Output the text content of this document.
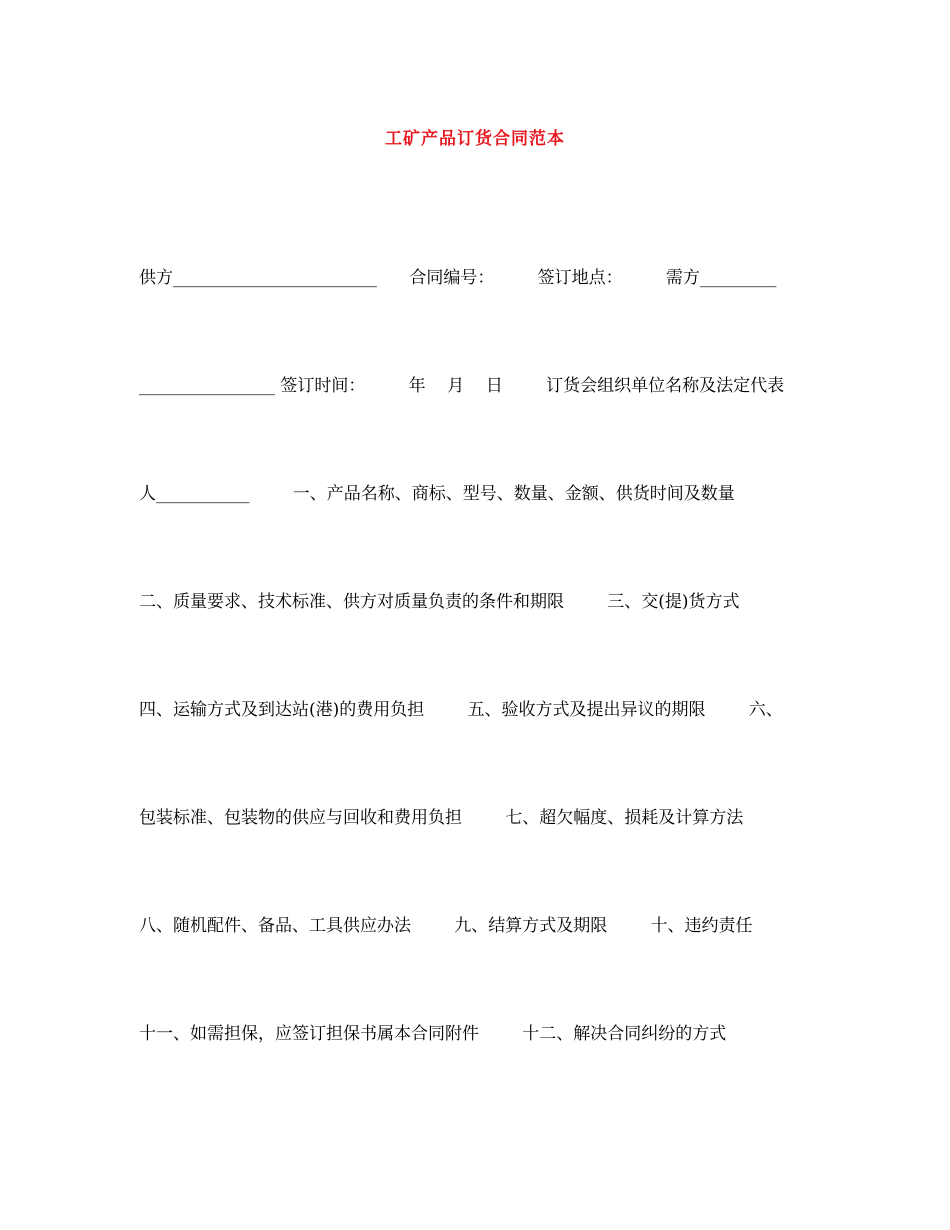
工矿产品订货合同范本

供方________________________      合同编号：        签订地点：        需方_________

________________ 签订时间：        年    月    日        订货会组织单位名称及法定代表

人___________        一、产品名称、商标、型号、数量、金额、供货时间及数量

二、质量要求、技术标准、供方对质量负责的条件和期限        三、交(提)货方式

四、运输方式及到达站(港)的费用负担        五、验收方式及提出异议的期限        六、

包装标准、包装物的供应与回收和费用负担        七、超欠幅度、损耗及计算方法

八、随机配件、备品、工具供应办法        九、结算方式及期限        十、违约责任

十一、如需担保，应签订担保书属本合同附件        十二、解决合同纠纷的方式
